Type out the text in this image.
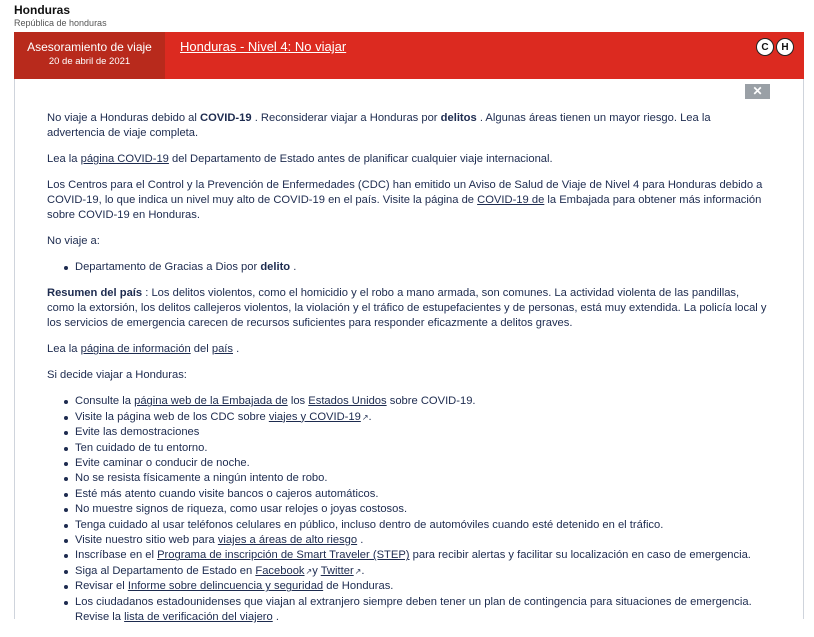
Honduras
República de honduras
Asesoramiento de viaje
20 de abril de 2021
Honduras - Nivel 4: No viajar	C	H
✕

No viaje a Honduras debido al COVID-19 . Reconsiderar viajar a Honduras por delitos . Algunas áreas tienen un mayor riesgo. Lea la advertencia de viaje completa.

Lea la página COVID-19 del Departamento de Estado antes de planificar cualquier viaje internacional.

Los Centros para el Control y la Prevención de Enfermedades (CDC) han emitido un Aviso de Salud de Viaje de Nivel 4 para Honduras debido a COVID-19, lo que indica un nivel muy alto de COVID-19 en el país. Visite la página de COVID-19 de la Embajada para obtener más información sobre COVID-19 en Honduras.

No viaje a:

Departamento de Gracias a Dios por delito .

Resumen del país : Los delitos violentos, como el homicidio y el robo a mano armada, son comunes. La actividad violenta de las pandillas, como la extorsión, los delitos callejeros violentos, la violación y el tráfico de estupefacientes y de personas, está muy extendida. La policía local y los servicios de emergencia carecen de recursos suficientes para responder eficazmente a delitos graves.

Lea la página de información del país .

Si decide viajar a Honduras:

Consulte la página web de la Embajada de los Estados Unidos sobre COVID-19.
Visite la página web de los CDC sobre viajes y COVID-19↗.
Evite las demostraciones
Ten cuidado de tu entorno.
Evite caminar o conducir de noche.
No se resista físicamente a ningún intento de robo.
Esté más atento cuando visite bancos o cajeros automáticos.
No muestre signos de riqueza, como usar relojes o joyas costosos.
Tenga cuidado al usar teléfonos celulares en público, incluso dentro de automóviles cuando esté detenido en el tráfico.
Visite nuestro sitio web para viajes a áreas de alto riesgo .
Inscríbase en el Programa de inscripción de Smart Traveler (STEP) para recibir alertas y facilitar su localización en caso de emergencia.
Siga al Departamento de Estado en Facebook↗y Twitter↗.
Revisar el Informe sobre delincuencia y seguridad de Honduras.
Los ciudadanos estadounidenses que viajan al extranjero siempre deben tener un plan de contingencia para situaciones de emergencia. Revise la lista de verificación del viajero .
